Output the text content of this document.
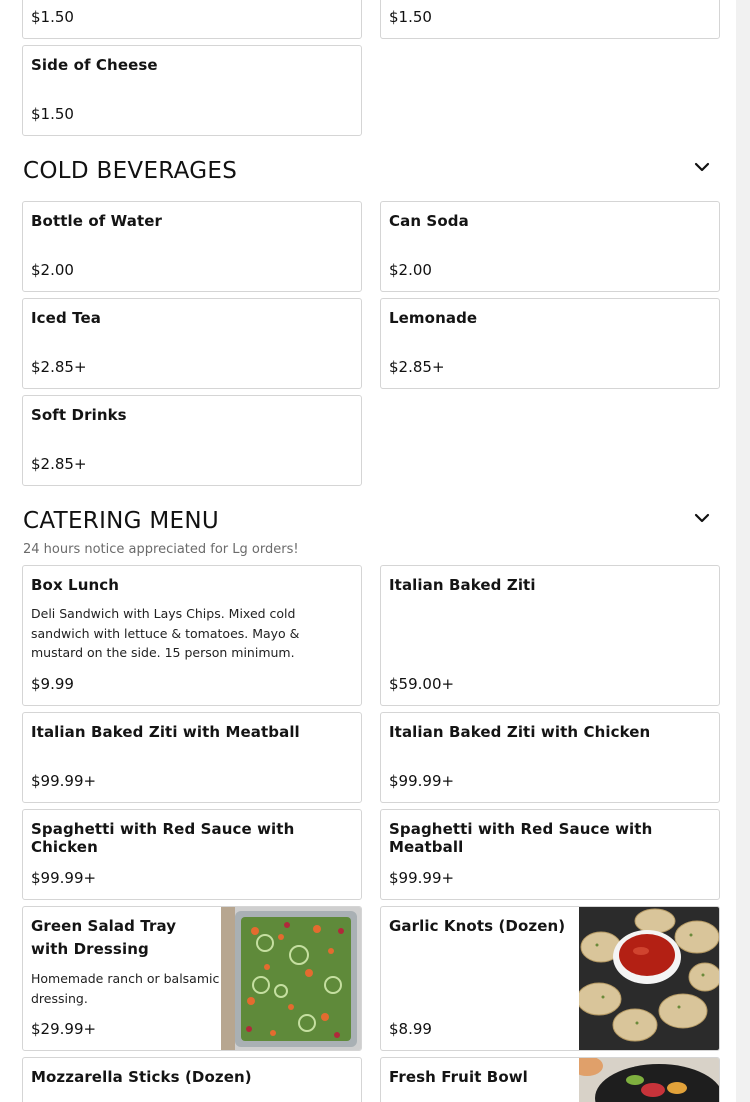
$1.50	$1.50
Side of Cheese
$1.50
COLD BEVERAGES
Bottle of Water
$2.00
Can Soda
$2.00
Iced Tea
$2.85+
Lemonade
$2.85+
Soft Drinks
$2.85+
CATERING MENU
24 hours notice appreciated for Lg orders!
Box Lunch
Deli Sandwich with Lays Chips. Mixed cold sandwich with lettuce & tomatoes. Mayo & mustard on the side. 15 person minimum.
$9.99
Italian Baked Ziti
$59.00+
Italian Baked Ziti with Meatball
$99.99+
Italian Baked Ziti with Chicken
$99.99+
Spaghetti with Red Sauce with Chicken
$99.99+
Spaghetti with Red Sauce with Meatball
$99.99+
Green Salad Tray with Dressing
Homemade ranch or balsamic dressing.
$29.99+
Garlic Knots (Dozen)
$8.99
Mozzarella Sticks (Dozen)	Fresh Fruit Bowl
